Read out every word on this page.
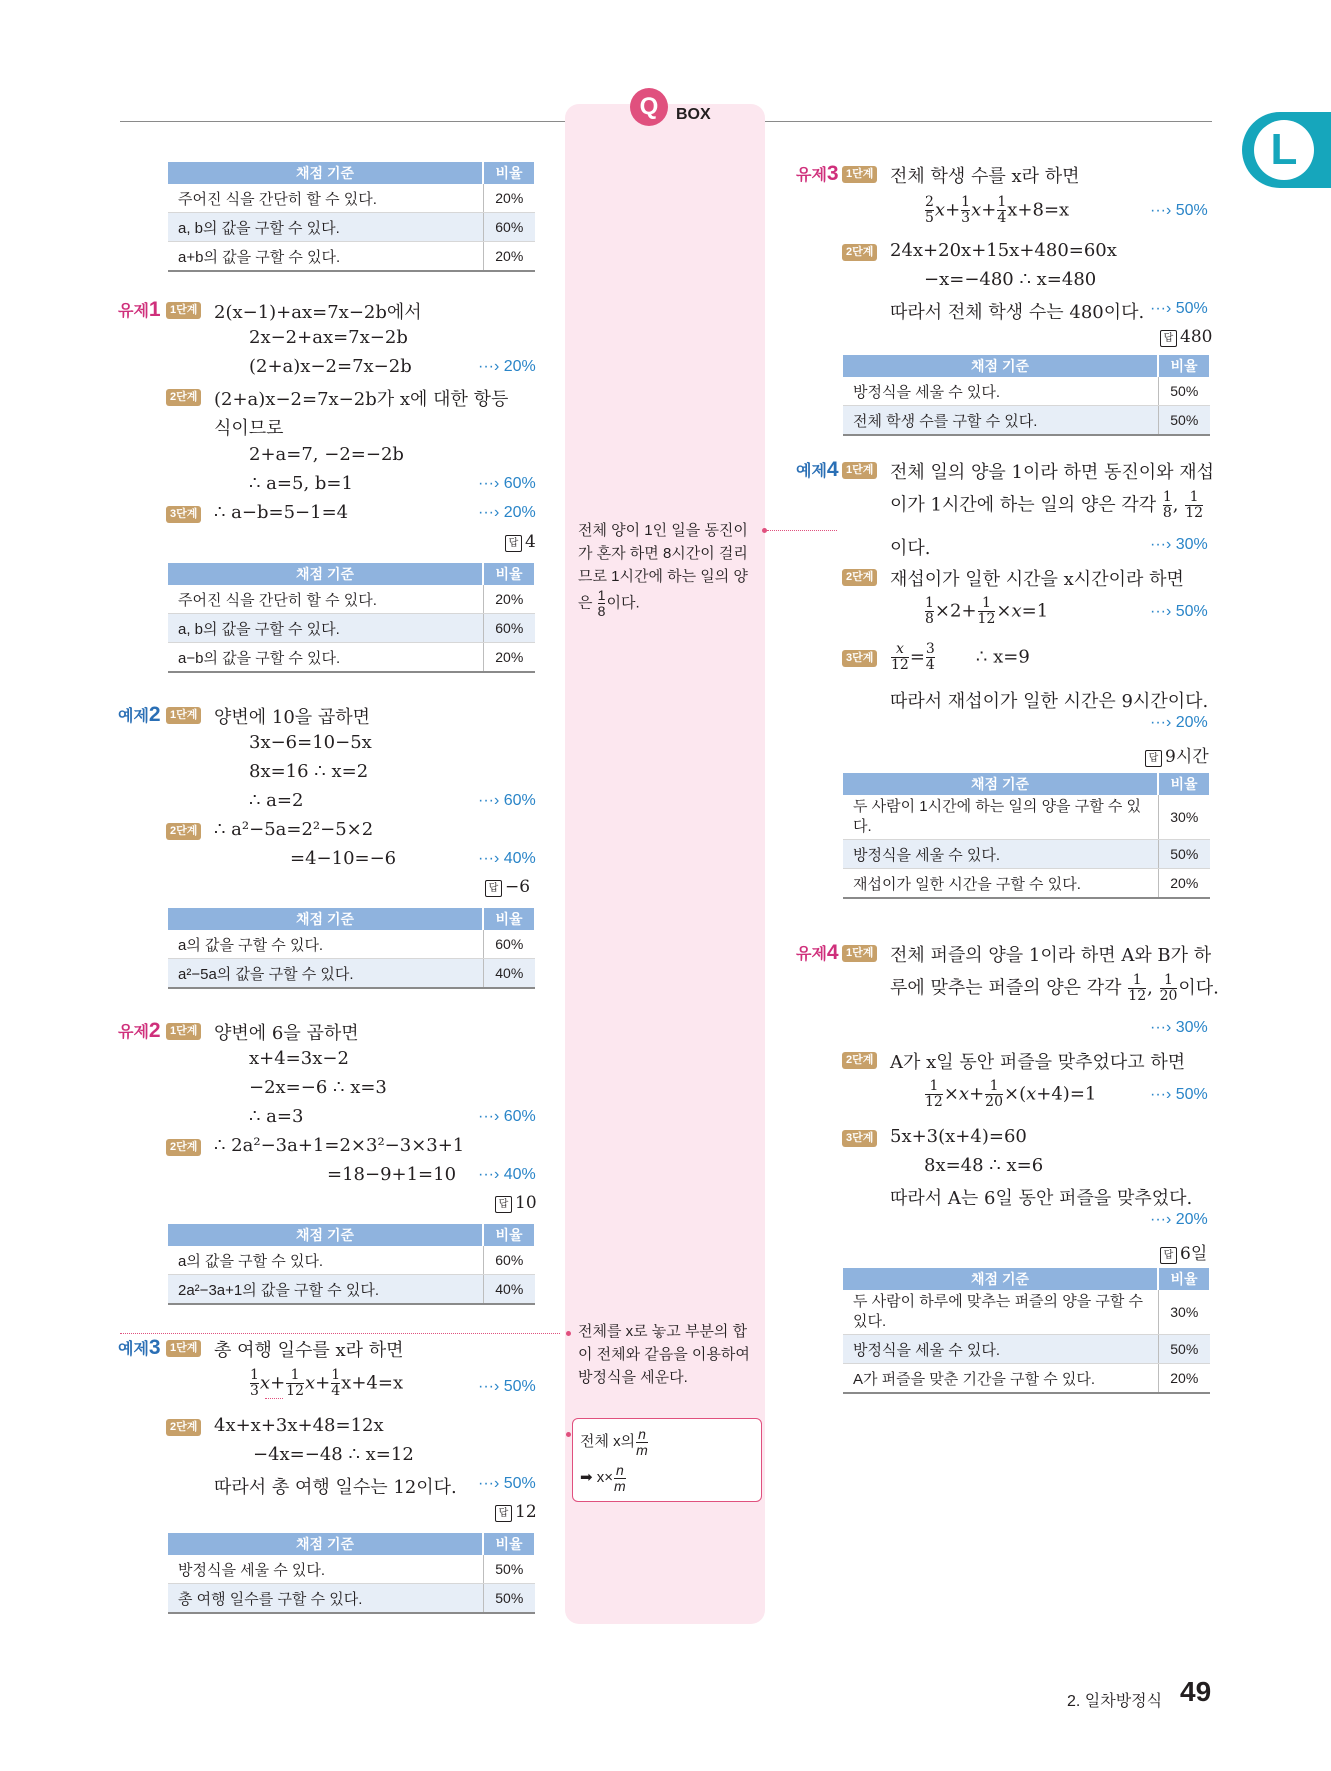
Q	BOX
L
채점 기준	비율
주어진 식을 간단히 할 수 있다.	20%
a, b의 값을 구할 수 있다.	60%
a+b의 값을 구할 수 있다.	20%
유제1 1단계 2(x−1)+ax=7x−2b에서
2x−2+ax=7x−2b
(2+a)x−2=7x−2b	···› 20%
2단계 (2+a)x−2=7x−2b가 x에 대한 항등
식이므로
2+a=7, −2=−2b
∴ a=5, b=1	···› 60%
3단계 ∴ a−b=5−1=4	···› 20%
답 4
채점 기준	비율
주어진 식을 간단히 할 수 있다.	20%
a, b의 값을 구할 수 있다.	60%
a−b의 값을 구할 수 있다.	20%
예제2 1단계 양변에 10을 곱하면
3x−6=10−5x
8x=16 ∴ x=2
∴ a=2	···› 60%
2단계 ∴ a²−5a=2²−5×2
=4−10=−6	···› 40%
답 −6
채점 기준	비율
a의 값을 구할 수 있다.	60%
a²−5a의 값을 구할 수 있다.	40%
유제2 1단계 양변에 6을 곱하면
x+4=3x−2
−2x=−6 ∴ x=3
∴ a=3	···› 60%
2단계 ∴ 2a²−3a+1=2×3²−3×3+1
=18−9+1=10 ···› 40%
답 10
채점 기준	비율
a의 값을 구할 수 있다.	60%
2a²−3a+1의 값을 구할 수 있다.	40%
예제3 1단계 총 여행 일수를 x라 하면
$\frac{1}{3} x+ \frac{1}{12} x+ \frac{1}{4} x+4=x$	···› 50%
2단계 4x+x+3x+48=12x
−4x=−48 ∴ x=12
따라서 총 여행 일수는 12이다. ···› 50%
답 12
채점 기준	비율
방정식을 세울 수 있다.	50%
총 여행 일수를 구할 수 있다.	50%
전체 양이 1인 일을 동진이
가 혼자 하면 8시간이 걸리
므로 1시간에 하는 일의 양
은 $\frac{1}{8}$ 이다.
전체를 x로 놓고 부분의 합
이 전체와 같음을 이용하여
방정식을 세운다.
전체 x의 $\frac{n}{m}$
➡ $x\times \frac{n}{m}$
유제3 1단계 전체 학생 수를 x라 하면
$\frac{2}{5} x+ \frac{1}{3} x+ \frac{1}{4} x+8=x$	···› 50%
2단계 24x+20x+15x+480=60x
−x=−480 ∴ x=480
따라서 전체 학생 수는 480이다. ···› 50%
답 480
채점 기준	비율
방정식을 세울 수 있다.	50%
전체 학생 수를 구할 수 있다.	50%
예제4 1단계 전체 일의 양을 1이라 하면 동진이와 재섭
이가 1시간에 하는 일의 양은 각각 $\frac{1}{8}$ , $\frac{1}{12}$
이다.	···› 30%
2단계 재섭이가 일한 시간을 x시간이라 하면
$\frac{1}{8} \times 2+ \frac{1}{12} \times x=1$	···› 50%
3단계 $\frac{x}{12} = \frac{3}{4}$ ∴ x=9
따라서 재섭이가 일한 시간은 9시간이다.
···› 20%
답 9시간
채점 기준	비율
두 사람이 1시간에 하는 일의 양을 구할 수 있다.	30%
방정식을 세울 수 있다.	50%
재섭이가 일한 시간을 구할 수 있다.	20%
유제4 1단계 전체 퍼즐의 양을 1이라 하면 A와 B가 하
루에 맞추는 퍼즐의 양은 각각 $\frac{1}{12}$ , $\frac{1}{20}$ 이다.
···› 30%
2단계 A가 x일 동안 퍼즐을 맞추었다고 하면
$\frac{1}{12} \times x+ \frac{1}{20} \times(x+4)=1$	···› 50%
3단계 5x+3(x+4)=60
8x=48 ∴ x=6
따라서 A는 6일 동안 퍼즐을 맞추었다.
···› 20%
답 6일
채점 기준	비율
두 사람이 하루에 맞추는 퍼즐의 양을 구할 수 있다.	30%
방정식을 세울 수 있다.	50%
A가 퍼즐을 맞춘 기간을 구할 수 있다.	20%
2. 일차방정식 49
